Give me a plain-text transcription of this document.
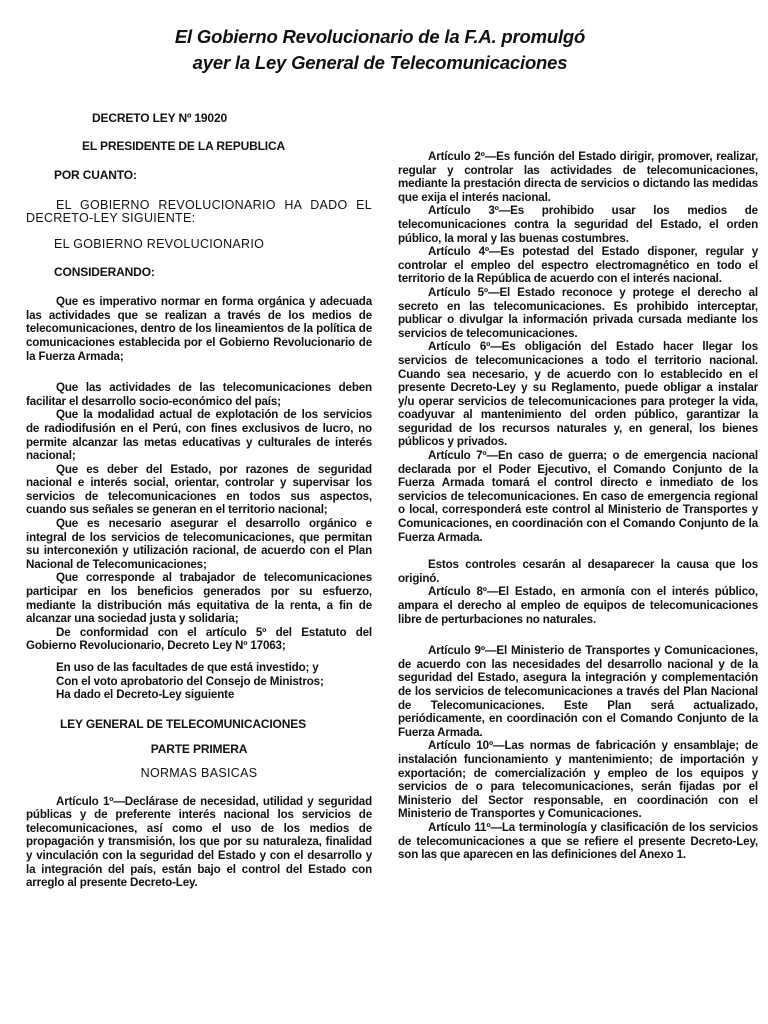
El Gobierno Revolucionario de la F.A. promulgó
ayer la Ley General de Telecomunicaciones

DECRETO LEY Nº 19020

EL PRESIDENTE DE LA REPUBLICA

POR CUANTO:

EL GOBIERNO REVOLUCIONARIO HA DADO EL DECRETO-LEY SIGUIENTE:

EL GOBIERNO REVOLUCIONARIO

CONSIDERANDO:

Que es imperativo normar en forma orgánica y adecuada las actividades que se realizan a través de los medios de telecomunicaciones, dentro de los lineamientos de la política de comunicaciones establecida por el Gobierno Revolucionario de la Fuerza Armada;

Que las actividades de las telecomunicaciones deben facilitar el desarrollo socio-económico del país;

Que la modalidad actual de explotación de los servicios de radiodifusión en el Perú, con fines exclusivos de lucro, no permite alcanzar las metas educativas y culturales de interés nacional;

Que es deber del Estado, por razones de seguridad nacional e interés social, orientar, controlar y supervisar los servicios de telecomunicaciones en todos sus aspectos, cuando sus señales se generan en el territorio nacional;

Que es necesario asegurar el desarrollo orgánico e integral de los servicios de telecomunicaciones, que permitan su interconexión y utilización racional, de acuerdo con el Plan Nacional de Telecomunicaciones;

Que corresponde al trabajador de telecomunicaciones participar en los beneficios generados por su esfuerzo, mediante la distribución más equitativa de la renta, a fin de alcanzar una sociedad justa y solidaria;

De conformidad con el artículo 5º del Estatuto del Gobierno Revolucionario, Decreto Ley Nº 17063;

En uso de las facultades de que está investido; y

Con el voto aprobatorio del Consejo de Ministros;

Ha dado el Decreto-Ley siguiente

LEY GENERAL DE TELECOMUNICACIONES

PARTE PRIMERA

NORMAS BASICAS

Artículo 1º—Declárase de necesidad, utilidad y seguridad públicas y de preferente interés nacional los servicios de telecomunicaciones, así como el uso de los medios de propagación y transmisión, los que por su naturaleza, finalidad y vinculación con la seguridad del Estado y con el desarrollo y la integración del país, están bajo el control del Estado con arreglo al presente Decreto-Ley.

Artículo 2º—Es función del Estado dirigir, promover, realizar, regular y controlar las actividades de telecomunicaciones, mediante la prestación directa de servicios o dictando las medidas que exija el interés nacional.

Artículo 3º—Es prohibido usar los medios de telecomunicaciones contra la seguridad del Estado, el orden público, la moral y las buenas costumbres.

Artículo 4º—Es potestad del Estado disponer, regular y controlar el empleo del espectro electromagnético en todo el territorio de la República de acuerdo con el interés nacional.

Artículo 5º—El Estado reconoce y protege el derecho al secreto en las telecomunicaciones. Es prohibido interceptar, publicar o divulgar la información privada cursada mediante los servicios de telecomunicaciones.

Artículo 6º—Es obligación del Estado hacer llegar los servicios de telecomunicaciones a todo el territorio nacional. Cuando sea necesario, y de acuerdo con lo establecido en el presente Decreto-Ley y su Reglamento, puede obligar a instalar y/u operar servicios de telecomunicaciones para proteger la vida, coadyuvar al mantenimiento del orden público, garantizar la seguridad de los recursos naturales y, en general, los bienes públicos y privados.

Artículo 7º—En caso de guerra; o de emergencia nacional declarada por el Poder Ejecutivo, el Comando Conjunto de la Fuerza Armada tomará el control directo e inmediato de los servicios de telecomunicaciones. En caso de emergencia regional o local, corresponderá este control al Ministerio de Transportes y Comunicaciones, en coordinación con el Comando Conjunto de la Fuerza Armada.

Estos controles cesarán al desaparecer la causa que los originó.

Artículo 8º—El Estado, en armonía con el interés público, ampara el derecho al empleo de equipos de telecomunicaciones libre de perturbaciones no naturales.

Artículo 9º—El Ministerio de Transportes y Comunicaciones, de acuerdo con las necesidades del desarrollo nacional y de la seguridad del Estado, asegura la integración y complementación de los servicios de telecomunicaciones a través del Plan Nacional de Telecomunicaciones. Este Plan será actualizado, periódicamente, en coordinación con el Comando Conjunto de la Fuerza Armada.

Artículo 10º—Las normas de fabricación y ensamblaje; de instalación funcionamiento y mantenimiento; de importación y exportación; de comercialización y empleo de los equipos y servicios de o para telecomunicaciones, serán fijadas por el Ministerio del Sector responsable, en coordinación con el Ministerio de Transportes y Comunicaciones.

Artículo 11º—La terminología y clasificación de los servicios de telecomunicaciones a que se refiere el presente Decreto-Ley, son las que aparecen en las definiciones del Anexo 1.
